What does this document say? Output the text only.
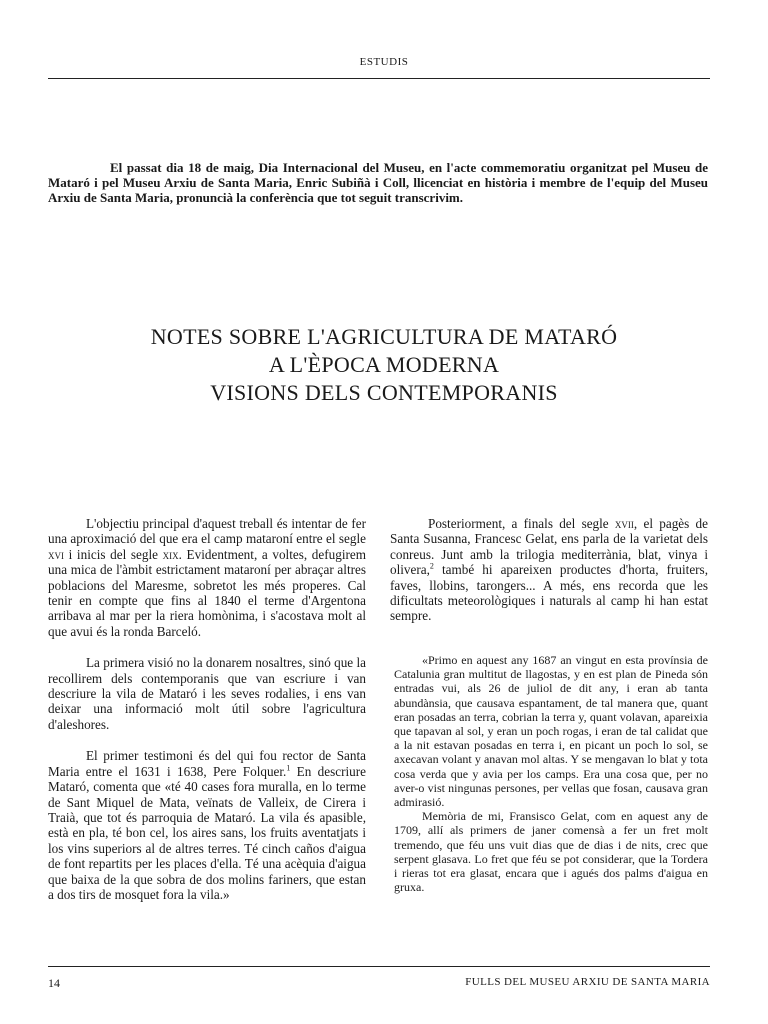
ESTUDIS

El passat dia 18 de maig, Dia Internacional del Museu, en l'acte commemoratiu organitzat pel Museu de Mataró i pel Museu Arxiu de Santa Maria, Enric Subiñà i Coll, llicenciat en història i membre de l'equip del Museu Arxiu de Santa Maria, pronuncià la conferència que tot seguit transcrivim.

NOTES SOBRE L'AGRICULTURA DE MATARÓ
A L'ÈPOCA MODERNA
VISIONS DELS CONTEMPORANIS

L'objectiu principal d'aquest treball és intentar de fer una aproximació del que era el camp mataroní entre el segle xvi i inicis del segle xix. Evidentment, a voltes, defugirem una mica de l'àmbit estrictament mataroní per abraçar altres poblacions del Maresme, sobretot les més properes. Cal tenir en compte que fins al 1840 el terme d'Argentona arribava al mar per la riera homònima, i s'acostava molt al que avui és la ronda Barceló.

La primera visió no la donarem nosaltres, sinó que la recollirem dels contemporanis que van escriure i van descriure la vila de Mataró i les seves rodalies, i ens van deixar una informació molt útil sobre l'agricultura d'aleshores.

El primer testimoni és del qui fou rector de Santa Maria entre el 1631 i 1638, Pere Folquer.$^1$ En descriure Mataró, comenta que «té 40 cases fora muralla, en lo terme de Sant Miquel de Mata, veïnats de Valleix, de Cirera i Traià, que tot és parroquia de Mataró. La vila és apasible, està en pla, té bon cel, los aires sans, los fruits aventatjats i los vins superiors al de altres terres. Té cinch caños d'aigua de font repartits per les places d'ella. Té una acèquia d'aigua que baixa de la que sobra de dos molins fariners, que estan a dos tirs de mosquet fora la vila.»

Posteriorment, a finals del segle xvii, el pagès de Santa Susanna, Francesc Gelat, ens parla de la varietat dels conreus. Junt amb la trilogia mediterrània, blat, vinya i olivera,$^2$ també hi apareixen productes d'horta, fruiters, faves, llobins, tarongers... A més, ens recorda que les dificultats meteorològiques i naturals al camp hi han estat sempre.

«Primo en aquest any 1687 an vingut en esta provínsia de Catalunia gran multitut de llagostas, y en est plan de Pineda són entradas vui, als 26 de juliol de dit any, i eran ab tanta abundànsia, que causava espantament, de tal manera que, quant eran posadas an terra, cobrian la terra y, quant volavan, apareixia que tapavan al sol, y eran un poch rogas, i eran de tal calidat que a la nit estavan posadas en terra i, en picant un poch lo sol, se axecavan volant y anavan mol altas. Y se mengavan lo blat y tota cosa verda que y avia per los camps. Era una cosa que, per no aver-o vist ningunas persones, per vellas que fosan, causava gran admirasió.

Memòria de mi, Fransisco Gelat, com en aquest any de 1709, allí als primers de janer comensà a fer un fret molt tremendo, que féu uns vuit dias que de dias i de nits, crec que serpent glasava. Lo fret que féu se pot considerar, que la Tordera i rieras tot era glasat, encara que i agués dos palms d'aigua en gruxa.

14	FULLS DEL MUSEU ARXIU DE SANTA MARIA
